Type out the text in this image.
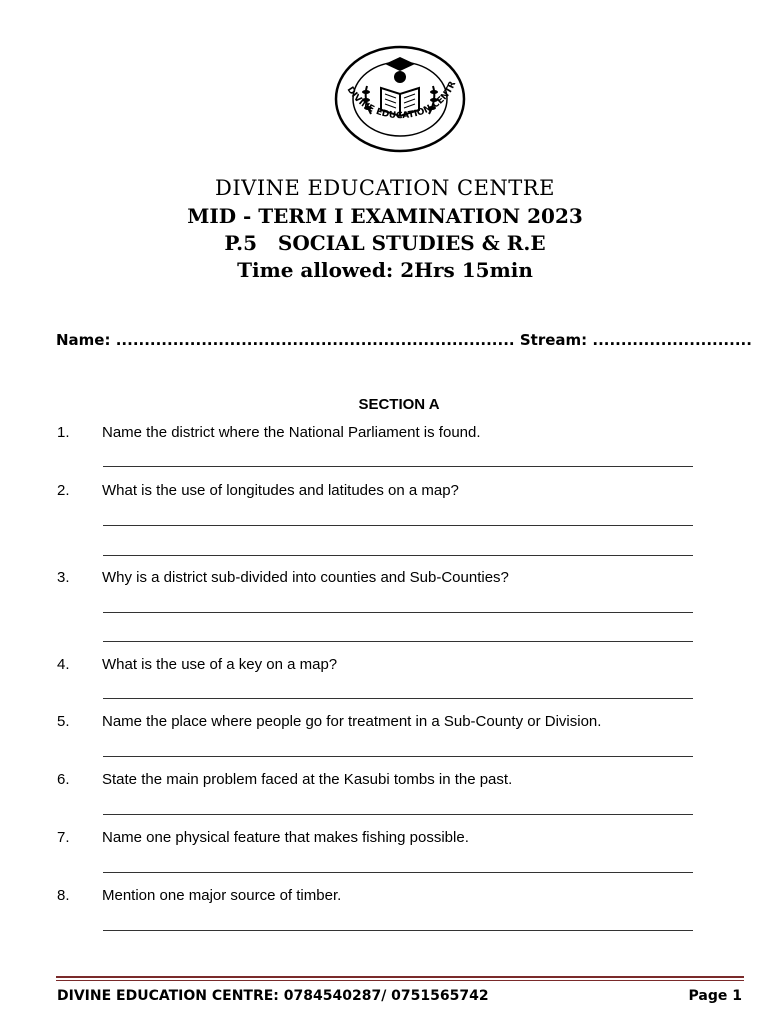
DIVINE EDUCATION CENTR
DIVINE EDUCATION CENTRE
MID - TERM I EXAMINATION 2023
P.5   SOCIAL STUDIES & R.E
Time allowed: 2Hrs 15min
Name: ...................................................................... Stream: ............................
SECTION A
1. Name the district where the National Parliament is found.
2. What is the use of longitudes and latitudes on a map?
3. Why is a district sub-divided into counties and Sub-Counties?
4. What is the use of a key on a map?
5. Name the place where people go for treatment in a Sub-County or Division.
6. State the main problem faced at the Kasubi tombs in the past.
7. Name one physical feature that makes fishing possible.
8. Mention one major source of timber.
DIVINE EDUCATION CENTRE: 0784540287/ 0751565742	Page 1
